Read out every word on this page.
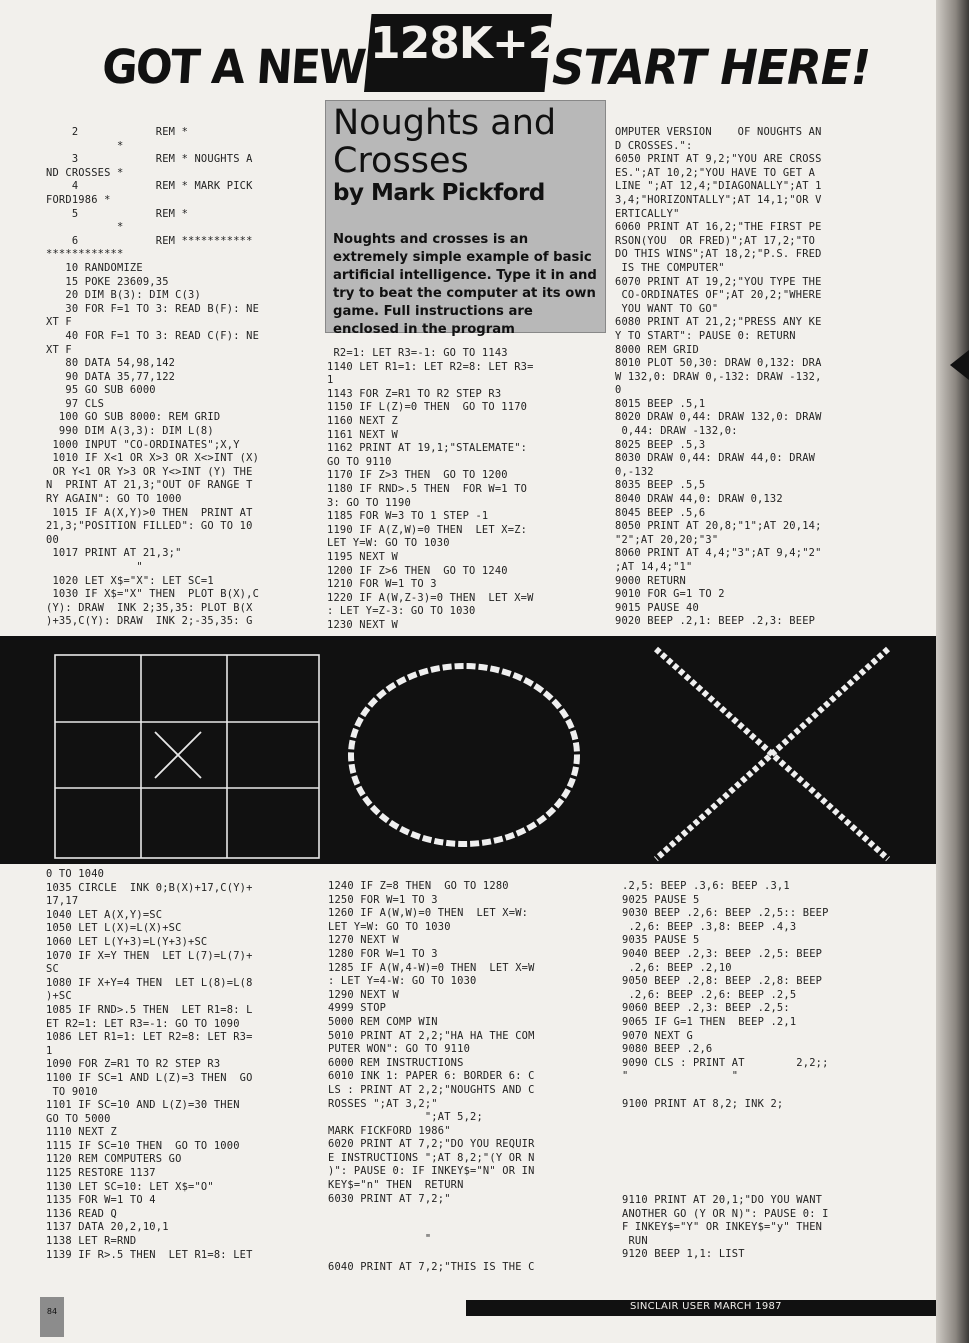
GOT A NEW 128K+2
START HERE!
Noughts and Crosses
by Mark Pickford
Noughts and crosses is an extremely simple example of basic artificial intelligence. Type it in and try to beat the computer at its own game. Full instructions are enclosed in the program
2            REM *
*
3            REM * NOUGHTS A
ND CROSSES *
4            REM * MARK PICK
FORD1986 *
5            REM *
*
6            REM ***********
************
10 RANDOMIZE
15 POKE 23609,35
20 DIM B(3): DIM C(3)
30 FOR F=1 TO 3: READ B(F): NE
XT F
40 FOR F=1 TO 3: READ C(F): NE
XT F
80 DATA 54,98,142
90 DATA 35,77,122
95 GO SUB 6000
97 CLS
100 GO SUB 8000: REM GRID
990 DIM A(3,3): DIM L(8)
1000 INPUT "CO-ORDINATES";X,Y
1010 IF X<1 OR X>3 OR X<>INT (X)
OR Y<1 OR Y>3 OR Y<>INT (Y) THE
N  PRINT AT 21,3;"OUT OF RANGE T
RY AGAIN": GO TO 1000
1015 IF A(X,Y)>0 THEN  PRINT AT
21,3;"POSITION FILLED": GO TO 10
00
1017 PRINT AT 21,3;"
"
1020 LET X$="X": LET SC=1
1030 IF X$="X" THEN  PLOT B(X),C
(Y): DRAW  INK 2;35,35: PLOT B(X
)+35,C(Y): DRAW  INK 2;-35,35: G
R2=1: LET R3=-1: GO TO 1143
1140 LET R1=1: LET R2=8: LET R3=
1
1143 FOR Z=R1 TO R2 STEP R3
1150 IF L(Z)=0 THEN  GO TO 1170
1160 NEXT Z
1161 NEXT W
1162 PRINT AT 19,1;"STALEMATE":
GO TO 9110
1170 IF Z>3 THEN  GO TO 1200
1180 IF RND>.5 THEN  FOR W=1 TO
3: GO TO 1190
1185 FOR W=3 TO 1 STEP -1
1190 IF A(Z,W)=0 THEN  LET X=Z:
LET Y=W: GO TO 1030
1195 NEXT W
1200 IF Z>6 THEN  GO TO 1240
1210 FOR W=1 TO 3
1220 IF A(W,Z-3)=0 THEN  LET X=W
: LET Y=Z-3: GO TO 1030
1230 NEXT W
OMPUTER VERSION    OF NOUGHTS AN
D CROSSES.":
6050 PRINT AT 9,2;"YOU ARE CROSS
ES.";AT 10,2;"YOU HAVE TO GET A
LINE ";AT 12,4;"DIAGONALLY";AT 1
3,4;"HORIZONTALLY";AT 14,1;"OR V
ERTICALLY"
6060 PRINT AT 16,2;"THE FIRST PE
RSON(YOU  OR FRED)";AT 17,2;"TO
DO THIS WINS";AT 18,2;"P.S. FRED
IS THE COMPUTER"
6070 PRINT AT 19,2;"YOU TYPE THE
CO-ORDINATES OF";AT 20,2;"WHERE
YOU WANT TO GO"
6080 PRINT AT 21,2;"PRESS ANY KE
Y TO START": PAUSE 0: RETURN
8000 REM GRID
8010 PLOT 50,30: DRAW 0,132: DRA
W 132,0: DRAW 0,-132: DRAW -132,
0
8015 BEEP .5,1
8020 DRAW 0,44: DRAW 132,0: DRAW
0,44: DRAW -132,0:
8025 BEEP .5,3
8030 DRAW 0,44: DRAW 44,0: DRAW
0,-132
8035 BEEP .5,5
8040 DRAW 44,0: DRAW 0,132
8045 BEEP .5,6
8050 PRINT AT 20,8;"1";AT 20,14;
"2";AT 20,20;"3"
8060 PRINT AT 4,4;"3";AT 9,4;"2"
;AT 14,4;"1"
9000 RETURN
9010 FOR G=1 TO 2
9015 PAUSE 40
9020 BEEP .2,1: BEEP .2,3: BEEP
0 TO 1040
1035 CIRCLE  INK 0;B(X)+17,C(Y)+
17,17
1040 LET A(X,Y)=SC
1050 LET L(X)=L(X)+SC
1060 LET L(Y+3)=L(Y+3)+SC
1070 IF X=Y THEN  LET L(7)=L(7)+
SC
1080 IF X+Y=4 THEN  LET L(8)=L(8
)+SC
1085 IF RND>.5 THEN  LET R1=8: L
ET R2=1: LET R3=-1: GO TO 1090
1086 LET R1=1: LET R2=8: LET R3=
1
1090 FOR Z=R1 TO R2 STEP R3
1100 IF SC=1 AND L(Z)=3 THEN  GO
TO 9010
1101 IF SC=10 AND L(Z)=30 THEN
GO TO 5000
1110 NEXT Z
1115 IF SC=10 THEN  GO TO 1000
1120 REM COMPUTERS GO
1125 RESTORE 1137
1130 LET SC=10: LET X$="O"
1135 FOR W=1 TO 4
1136 READ Q
1137 DATA 20,2,10,1
1138 LET R=RND
1139 IF R>.5 THEN  LET R1=8: LET
1240 IF Z=8 THEN  GO TO 1280
1250 FOR W=1 TO 3
1260 IF A(W,W)=0 THEN  LET X=W:
LET Y=W: GO TO 1030
1270 NEXT W
1280 FOR W=1 TO 3
1285 IF A(W,4-W)=0 THEN  LET X=W
: LET Y=4-W: GO TO 1030
1290 NEXT W
4999 STOP
5000 REM COMP WIN
5010 PRINT AT 2,2;"HA HA THE COM
PUTER WON": GO TO 9110
6000 REM INSTRUCTIONS
6010 INK 1: PAPER 6: BORDER 6: C
LS : PRINT AT 2,2;"NOUGHTS AND C
ROSSES ";AT 3,2;"
";AT 5,2;
MARK FICKFORD 1986"
6020 PRINT AT 7,2;"DO YOU REQUIR
E INSTRUCTIONS ";AT 8,2;"(Y OR N
)": PAUSE 0: IF INKEY$="N" OR IN
KEY$="n" THEN  RETURN
6030 PRINT AT 7,2;"

"

6040 PRINT AT 7,2;"THIS IS THE C
.2,5: BEEP .3,6: BEEP .3,1
9025 PAUSE 5
9030 BEEP .2,6: BEEP .2,5:: BEEP
.2,6: BEEP .3,8: BEEP .4,3
9035 PAUSE 5
9040 BEEP .2,3: BEEP .2,5: BEEP
.2,6: BEEP .2,10
9050 BEEP .2,8: BEEP .2,8: BEEP
.2,6: BEEP .2,6: BEEP .2,5
9060 BEEP .2,3: BEEP .2,5:
9065 IF G=1 THEN  BEEP .2,1
9070 NEXT G
9080 BEEP .2,6
9090 CLS : PRINT AT        2,2;;
"                "

9100 PRINT AT 8,2; INK 2;
9110 PRINT AT 20,1;"DO YOU WANT
ANOTHER GO (Y OR N)": PAUSE 0: I
F INKEY$="Y" OR INKEY$="y" THEN
RUN
9120 BEEP 1,1: LIST
84	SINCLAIR USER MARCH 1987
